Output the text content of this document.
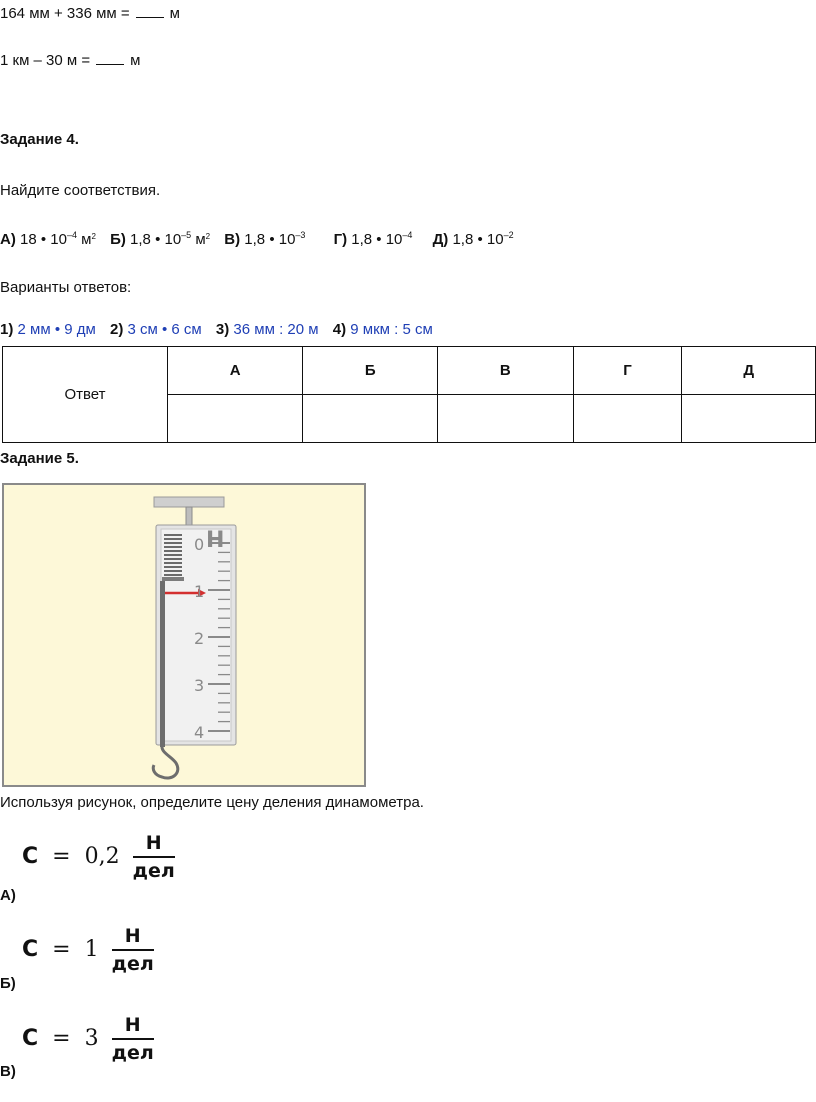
164 мм + 336 мм =	м
1 км – 30 м =	м
Задание 4.
Найдите соответствия.
А) 18 • $10^{-4}$ $м^2$ Б) 1,8 • $10^{-5}$ $м^2$ В) 1,8 • $10^{-3}$ Г) 1,8 • $10^{-4}$ Д) 1,8 • $10^{-2}$
Варианты ответов:
1) 2 мм • 9 дм 2) 3 см • 6 см 3) 36 мм : 20 м 4) 9 мкм : 5 см
Ответ	А	Б	В	Г	Д

Задание 5.
0
1
2
3
4
Н
Используя рисунок, определите цену деления динамометра.
$C = 0,2 \frac{Н}{\text{дел}}$
А)
$C = 1 \frac{Н}{\text{дел}}$
Б)
$C = 3 \frac{Н}{\text{дел}}$
В)
